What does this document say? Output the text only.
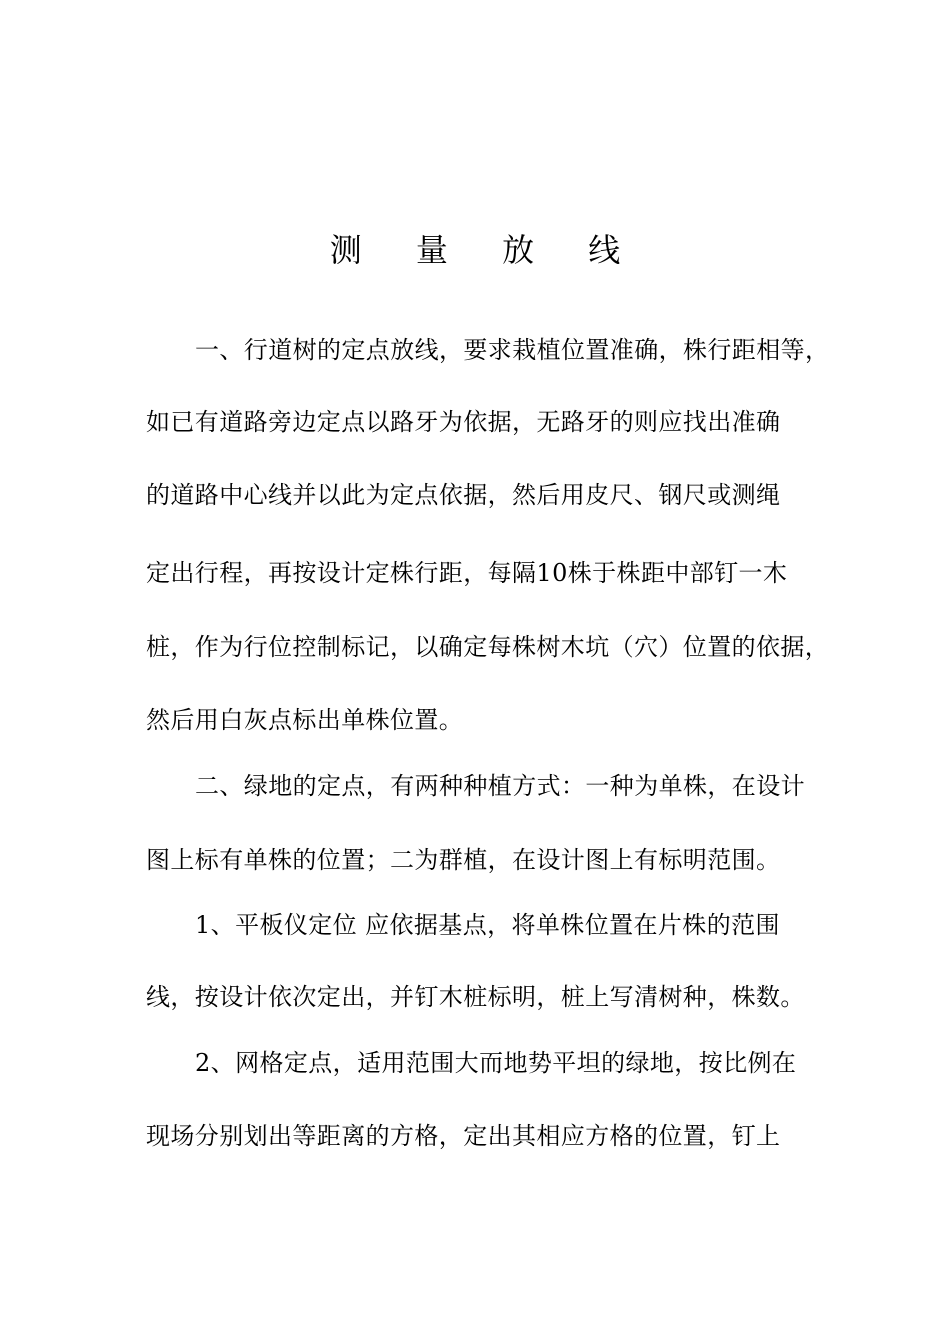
测 量 放 线
一、行道树的定点放线，要求栽植位置准确，株行距相等，
如已有道路旁边定点以路牙为依据，无路牙的则应找出准确
的道路中心线并以此为定点依据，然后用皮尺、钢尺或测绳
定出行程，再按设计定株行距，每隔10株于株距中部钉一木
桩，作为行位控制标记，以确定每株树木坑（穴）位置的依据，
然后用白灰点标出单株位置。
二、绿地的定点，有两种种植方式：一种为单株，在设计
图上标有单株的位置；二为群植，在设计图上有标明范围。
1、平板仪定位 应依据基点，将单株位置在片株的范围
线，按设计依次定出，并钉木桩标明，桩上写清树种，株数。
2、网格定点，适用范围大而地势平坦的绿地，按比例在
现场分别划出等距离的方格，定出其相应方格的位置，钉上
